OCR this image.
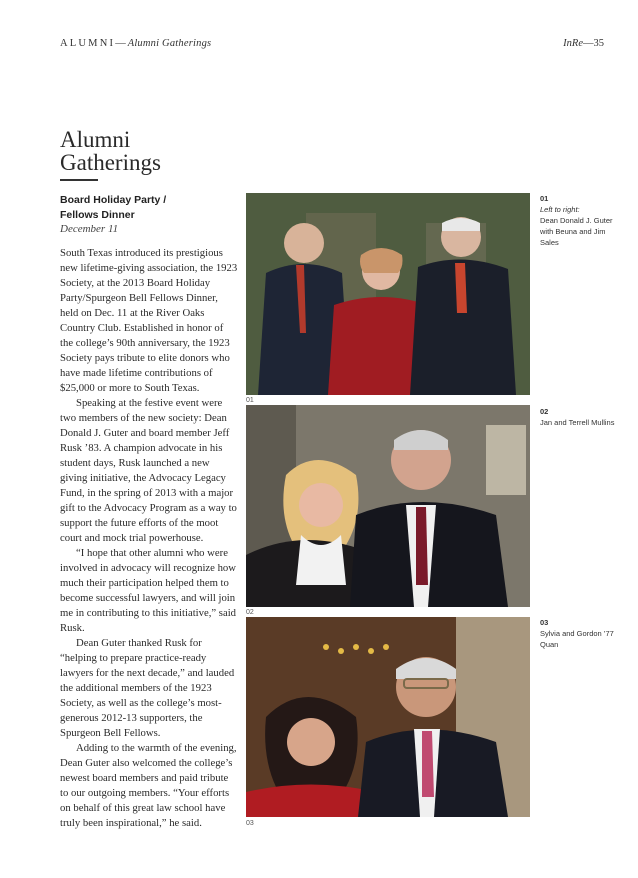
ALUMNI—Alumni Gatherings	InRe—35
Alumni
Gatherings
Board Holiday Party /
Fellows Dinner
December 11

South Texas introduced its prestigious new lifetime-giving association, the 1923 Society, at the 2013 Board Holiday Party/Spurgeon Bell Fellows Dinner, held on Dec. 11 at the River Oaks Country Club. Established in honor of the college’s 90th anniversary, the 1923 Society pays tribute to elite donors who have made lifetime contributions of $25,000 or more to South Texas.

Speaking at the festive event were two members of the new society: Dean Donald J. Guter and board member Jeff Rusk ’83. A champion advocate in his student days, Rusk launched a new giving initiative, the Advocacy Legacy Fund, in the spring of 2013 with a major gift to the Advocacy Program as a way to support the future efforts of the moot court and mock trial powerhouse.

“I hope that other alumni who were involved in advocacy will recognize how much their participation helped them to become successful lawyers, and will join me in contributing to this initiative,” said Rusk.

Dean Guter thanked Rusk for “helping to prepare practice-ready lawyers for the next decade,” and lauded the additional members of the 1923 Society, as well as the college’s most-generous 2012-13 supporters, the Spurgeon Bell Fellows.

Adding to the warmth of the evening, Dean Guter also welcomed the college’s newest board members and paid tribute to our outgoing members. “Your efforts on behalf of this great law school have truly been inspirational,” he said.

01
02
03
01
Left to right:
Dean Donald J. Guter with Beuna and Jim Sales
02
Jan and Terrell Mullins
03
Sylvia and Gordon ’77 Quan
